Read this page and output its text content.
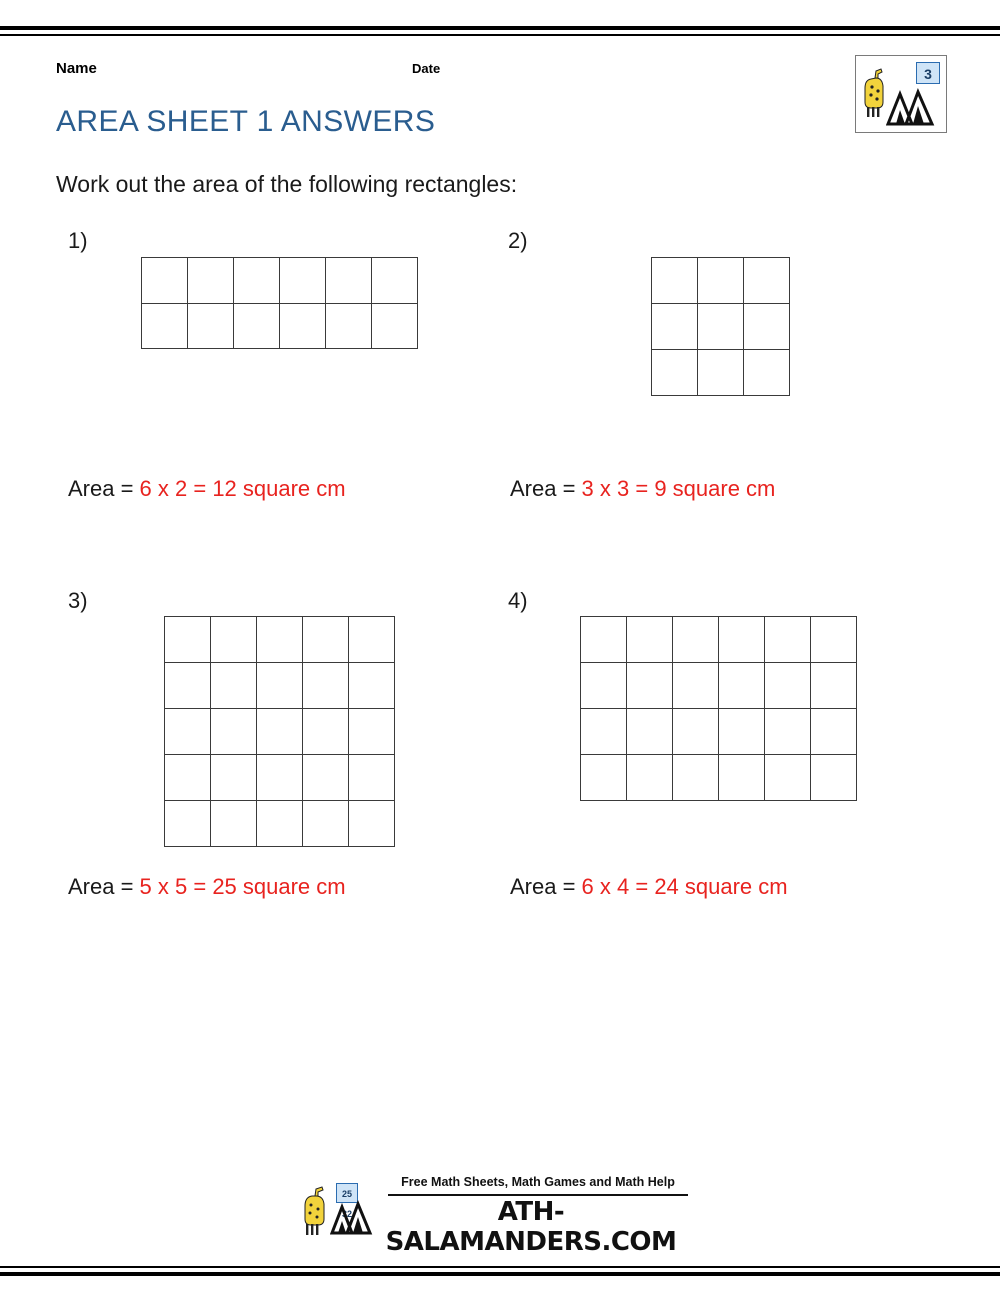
Name	Date
AREA SHEET 1 ANSWERS
Work out the area of the following rectangles:
3
1)
Area = 6 x 2 = 12 square cm
2)
Area = 3 x 3 = 9 square cm
3)
Area = 5 x 5 = 25 square cm
4)
Area = 6 x 4 = 24 square cm
25 32
Free Math Sheets, Math Games and Math Help
ATH-SALAMANDERS.COM
